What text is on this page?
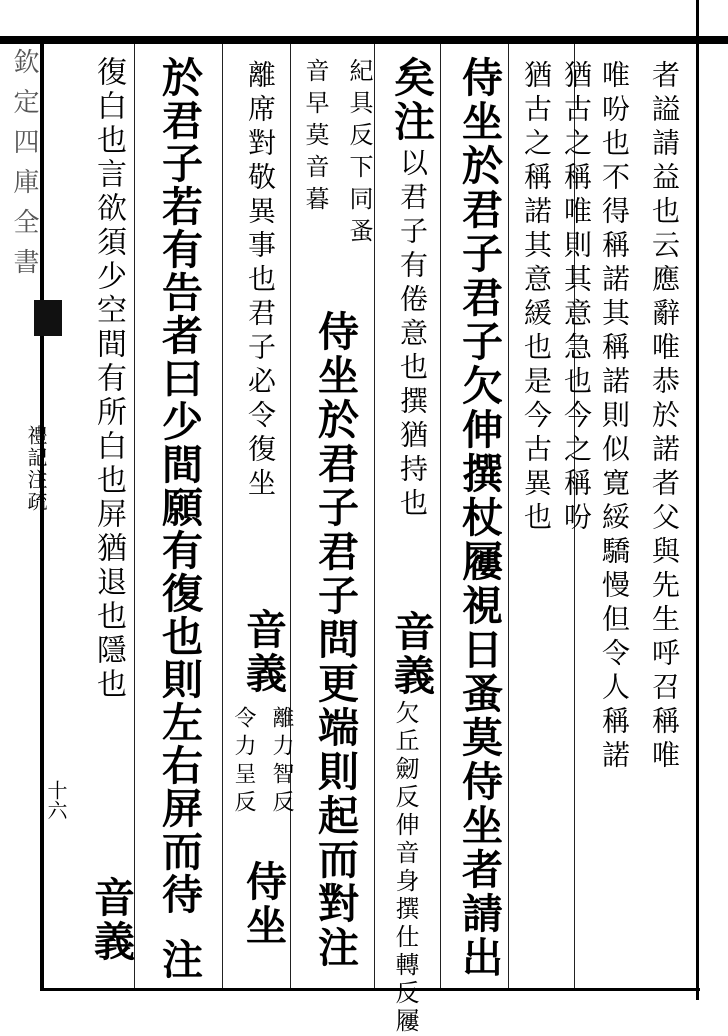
欽定四庫全書
禮記注疏
十六
者謚請益也云應辭唯恭於諾者父與先生呼召稱唯
唯吩也不得稱諾其稱諾則似寛綏驕慢但令人稱諾
猶古之稱唯則其意急也今之稱吩
猶古之稱諾其意緩也是今古異也
侍坐於君子君子欠伸撰杖屨視日蚤莫侍坐者請出
矣注
以君子有倦意也撰猶持也
音義
欠丘劒反伸音身撰仕轉反屨
紀具反下同蚤
音早莫音暮
侍坐於君子君子問更端則起而對注
離席對敬異事也君子必令復坐
音義
離力智反
令力呈反
侍坐
於君子若有告者曰少間願有復也則左右屏而待
注
復白也言欲須少空間有所白也屏猶退也隱也
音義
